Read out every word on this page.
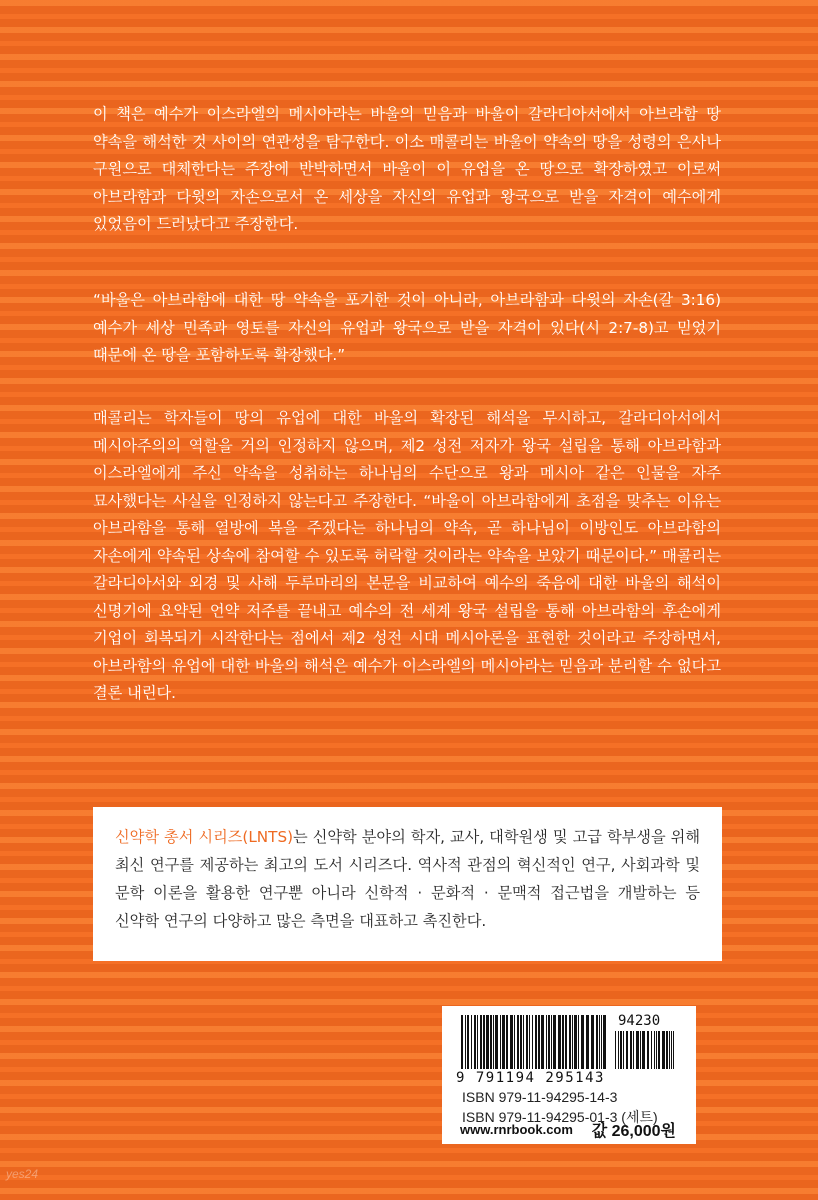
이 책은 예수가 이스라엘의 메시아라는 바울의 믿음과 바울이 갈라디아서에서 아브라함 땅 약속을 해석한 것 사이의 연관성을 탐구한다. 이소 매콜리는 바울이 약속의 땅을 성령의 은사나 구원으로 대체한다는 주장에 반박하면서 바울이 이 유업을 온 땅으로 확장하였고 이로써 아브라함과 다윗의 자손으로서 온 세상을 자신의 유업과 왕국으로 받을 자격이 예수에게 있었음이 드러났다고 주장한다.

“바울은 아브라함에 대한 땅 약속을 포기한 것이 아니라, 아브라함과 다윗의 자손(갈 3:16) 예수가 세상 민족과 영토를 자신의 유업과 왕국으로 받을 자격이 있다(시 2:7-8)고 믿었기 때문에 온 땅을 포함하도록 확장했다.”

매콜리는 학자들이 땅의 유업에 대한 바울의 확장된 해석을 무시하고, 갈라디아서에서 메시아주의의 역할을 거의 인정하지 않으며, 제2 성전 저자가 왕국 설립을 통해 아브라함과 이스라엘에게 주신 약속을 성취하는 하나님의 수단으로 왕과 메시아 같은 인물을 자주 묘사했다는 사실을 인정하지 않는다고 주장한다. “바울이 아브라함에게 초점을 맞추는 이유는 아브라함을 통해 열방에 복을 주겠다는 하나님의 약속, 곧 하나님이 이방인도 아브라함의 자손에게 약속된 상속에 참여할 수 있도록 허락할 것이라는 약속을 보았기 때문이다.” 매콜리는 갈라디아서와 외경 및 사해 두루마리의 본문을 비교하여 예수의 죽음에 대한 바울의 해석이 신명기에 요약된 언약 저주를 끝내고 예수의 전 세계 왕국 설립을 통해 아브라함의 후손에게 기업이 회복되기 시작한다는 점에서 제2 성전 시대 메시아론을 표현한 것이라고 주장하면서, 아브라함의 유업에 대한 바울의 해석은 예수가 이스라엘의 메시아라는 믿음과 분리할 수 없다고 결론 내린다.

신약학 총서 시리즈(LNTS)는 신약학 분야의 학자, 교사, 대학원생 및 고급 학부생을 위해 최신 연구를 제공하는 최고의 도서 시리즈다. 역사적 관점의 혁신적인 연구, 사회과학 및 문학 이론을 활용한 연구뿐 아니라 신학적 · 문화적 · 문맥적 접근법을 개발하는 등 신약학 연구의 다양하고 많은 측면을 대표하고 촉진한다.

94230
9 791194 295143
ISBN 979-11-94295-14-3
ISBN 979-11-94295-01-3 (세트)
www.rnrbook.com 값 26,000원
yes24
